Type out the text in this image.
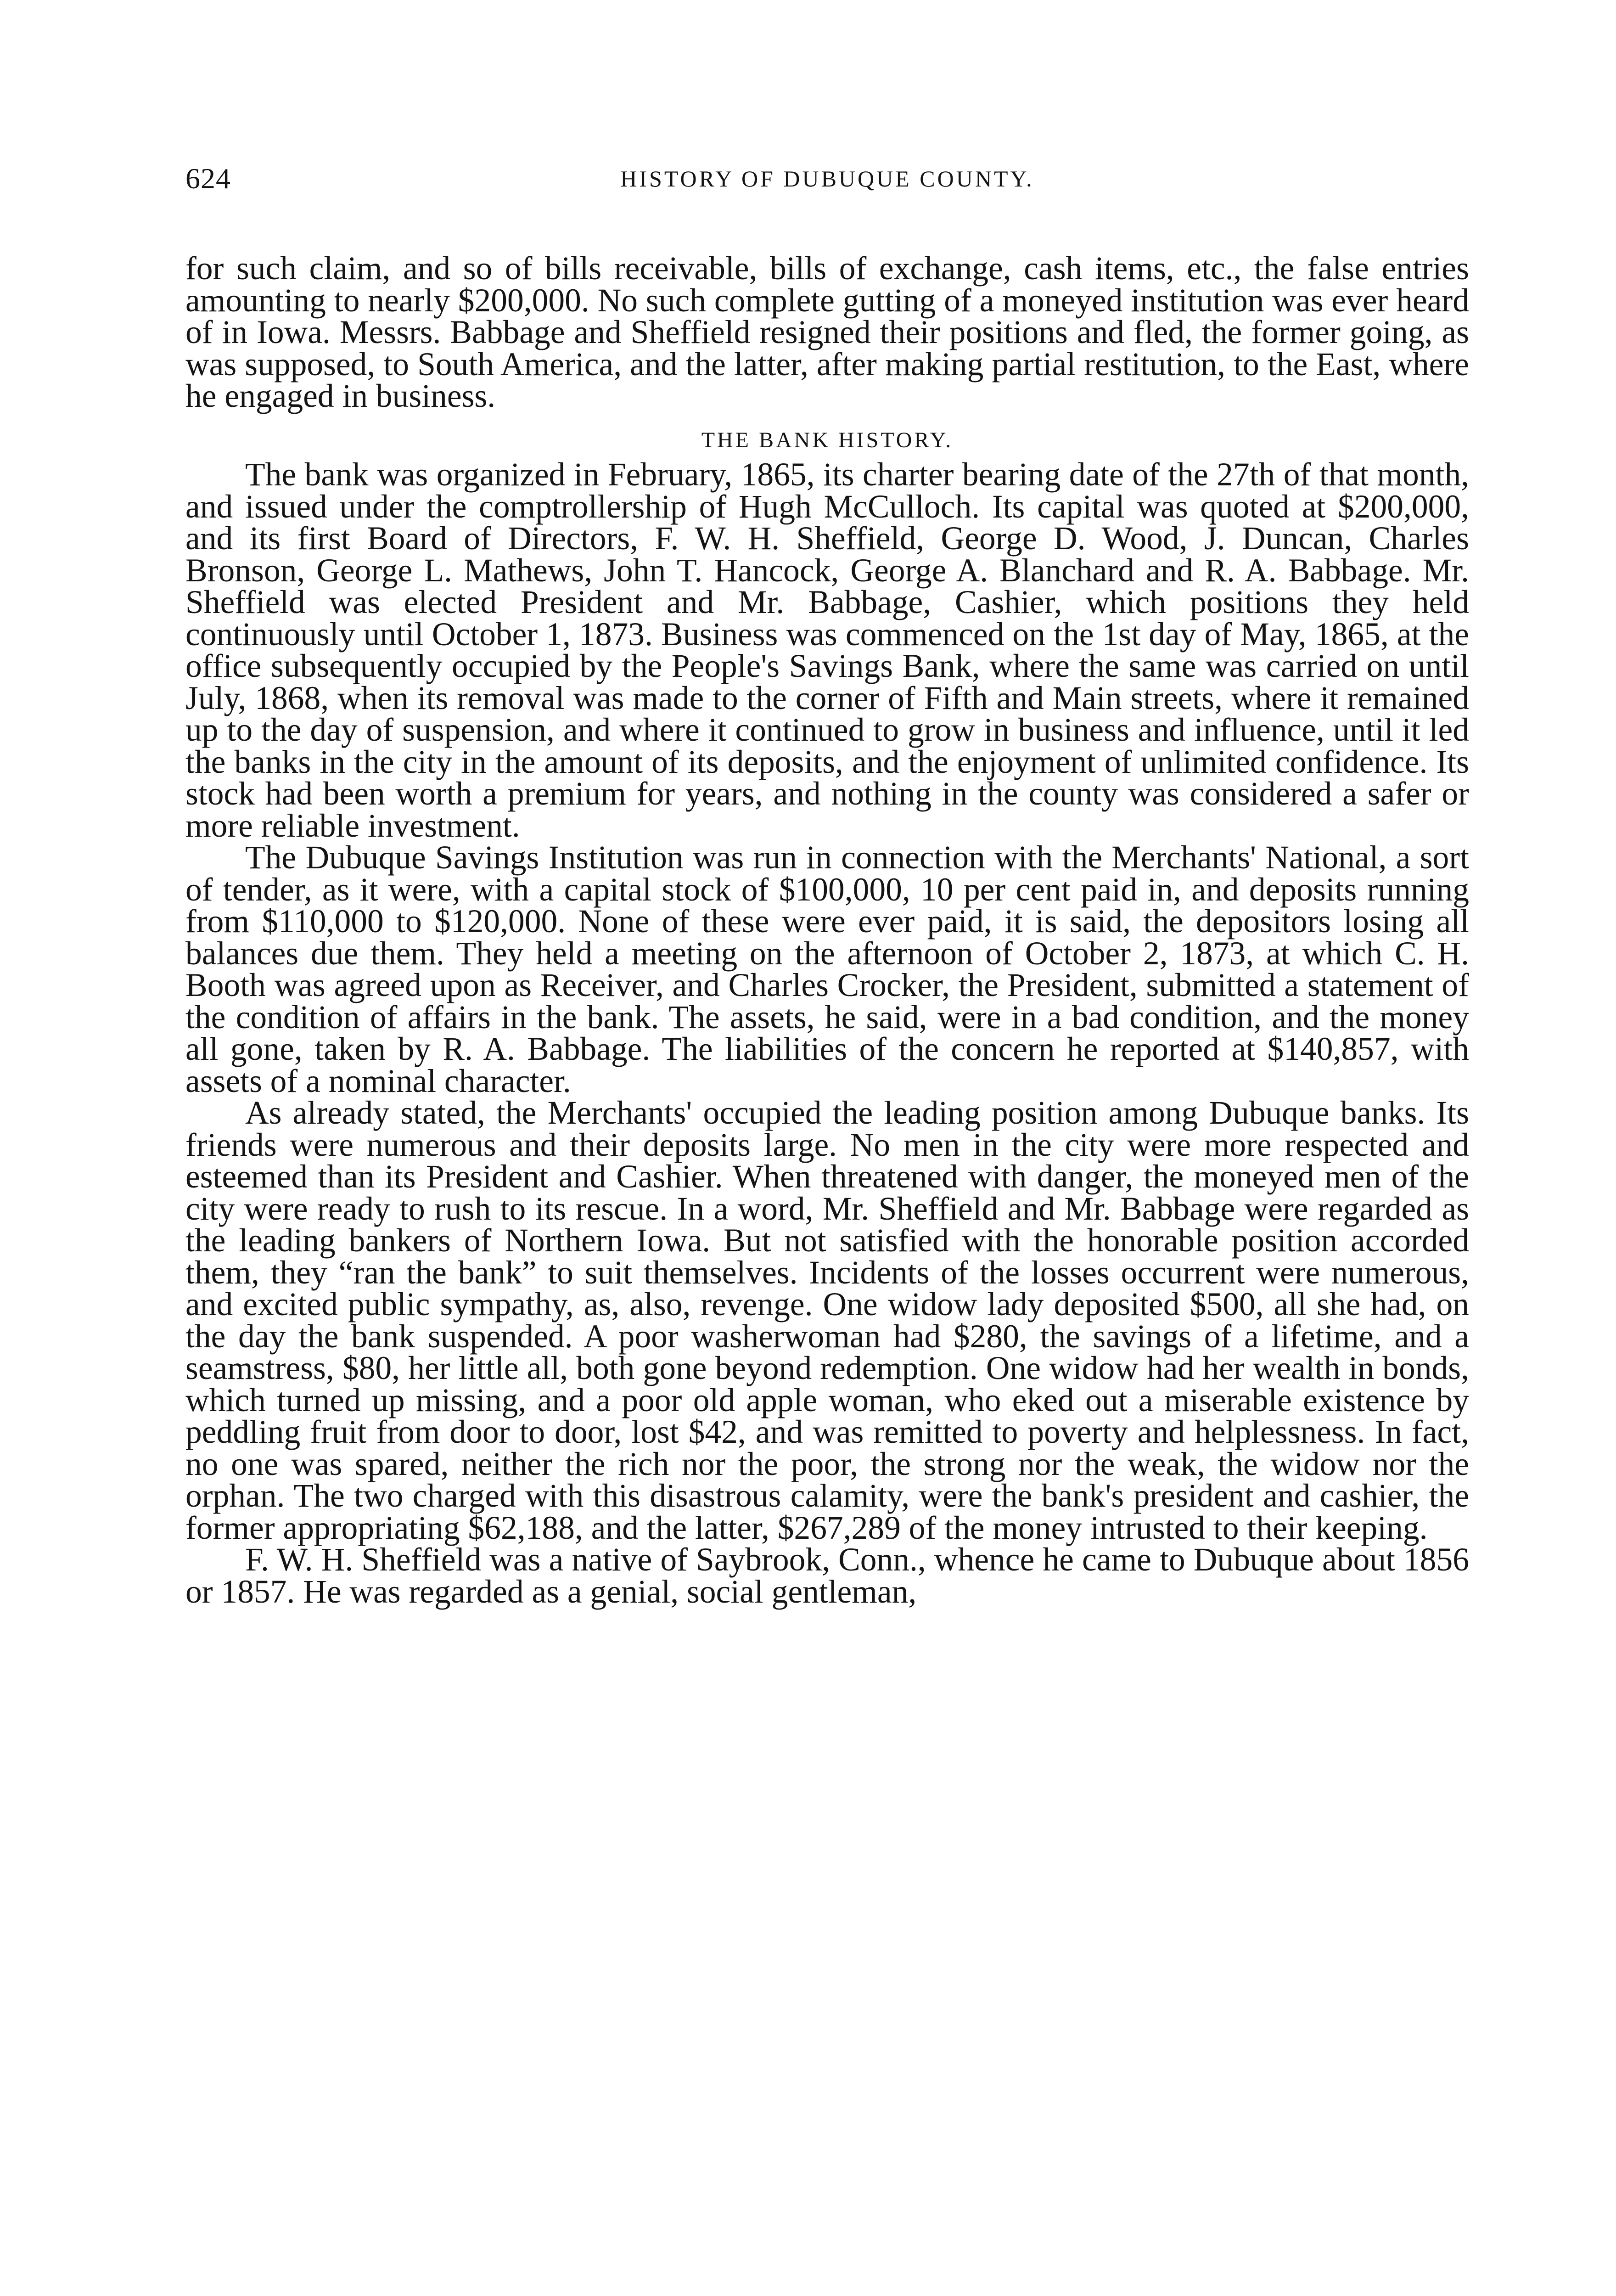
624	HISTORY OF DUBUQUE COUNTY.

for such claim, and so of bills receivable, bills of exchange, cash items, etc., the false entries amounting to nearly $200,000. No such complete gutting of a moneyed institution was ever heard of in Iowa. Messrs. Babbage and Sheffield resigned their positions and fled, the former going, as was supposed, to South America, and the latter, after making partial restitution, to the East, where he engaged in business.

THE BANK HISTORY.

The bank was organized in February, 1865, its charter bearing date of the 27th of that month, and issued under the comptrollership of Hugh McCulloch. Its capital was quoted at $200,000, and its first Board of Directors, F. W. H. Sheffield, George D. Wood, J. Duncan, Charles Bronson, George L. Mathews, John T. Hancock, George A. Blanchard and R. A. Babbage. Mr. Sheffield was elected President and Mr. Babbage, Cashier, which positions they held continuously until October 1, 1873. Business was commenced on the 1st day of May, 1865, at the office subsequently occupied by the People's Savings Bank, where the same was carried on until July, 1868, when its removal was made to the corner of Fifth and Main streets, where it remained up to the day of suspension, and where it continued to grow in business and influence, until it led the banks in the city in the amount of its deposits, and the enjoyment of unlimited confidence. Its stock had been worth a premium for years, and nothing in the county was considered a safer or more reliable investment.

The Dubuque Savings Institution was run in connection with the Merchants' National, a sort of tender, as it were, with a capital stock of $100,000, 10 per cent paid in, and deposits running from $110,000 to $120,000. None of these were ever paid, it is said, the depositors losing all balances due them. They held a meeting on the afternoon of October 2, 1873, at which C. H. Booth was agreed upon as Receiver, and Charles Crocker, the President, submitted a statement of the condition of affairs in the bank. The assets, he said, were in a bad condition, and the money all gone, taken by R. A. Babbage. The liabilities of the concern he reported at $140,857, with assets of a nominal character.

As already stated, the Merchants' occupied the leading position among Dubuque banks. Its friends were numerous and their deposits large. No men in the city were more respected and esteemed than its President and Cashier. When threatened with danger, the moneyed men of the city were ready to rush to its rescue. In a word, Mr. Sheffield and Mr. Babbage were regarded as the leading bankers of Northern Iowa. But not satisfied with the honorable position accorded them, they “ran the bank” to suit themselves. Incidents of the losses occurrent were numerous, and excited public sympathy, as, also, revenge. One widow lady deposited $500, all she had, on the day the bank suspended. A poor washerwoman had $280, the savings of a lifetime, and a seamstress, $80, her little all, both gone beyond redemption. One widow had her wealth in bonds, which turned up missing, and a poor old apple woman, who eked out a miserable existence by peddling fruit from door to door, lost $42, and was remitted to poverty and helplessness. In fact, no one was spared, neither the rich nor the poor, the strong nor the weak, the widow nor the orphan. The two charged with this disastrous calamity, were the bank's president and cashier, the former appropriating $62,188, and the latter, $267,289 of the money intrusted to their keeping.

F. W. H. Sheffield was a native of Saybrook, Conn., whence he came to Dubuque about 1856 or 1857. He was regarded as a genial, social gentleman,
